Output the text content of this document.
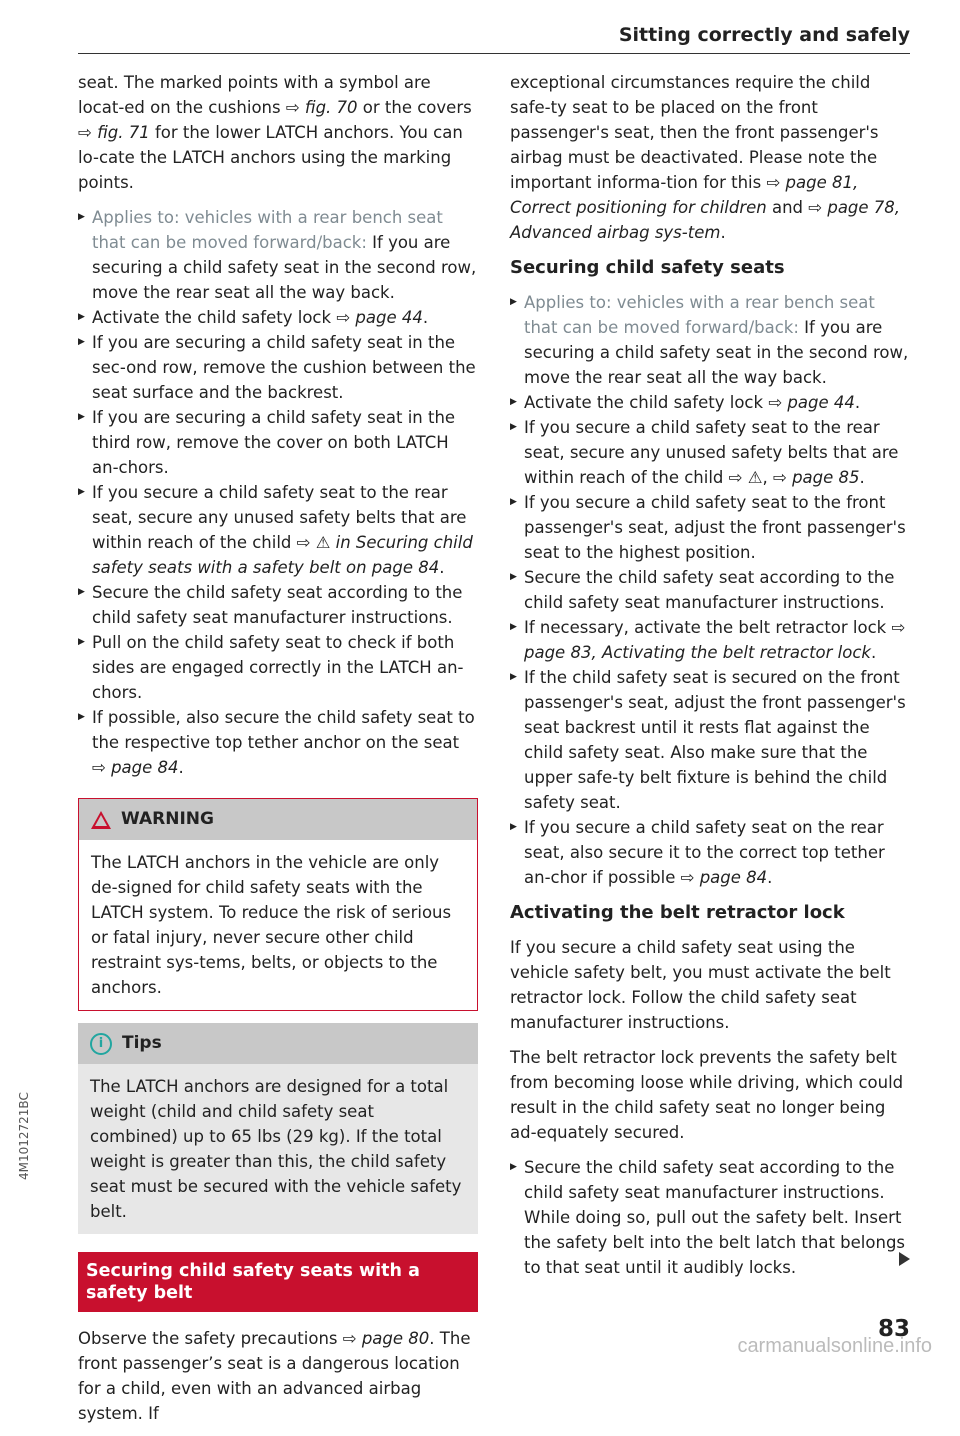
Sitting correctly and safely

seat. The marked points with a symbol are locat-ed on the cushions ⇨ fig. 70 or the covers ⇨ fig. 71 for the lower LATCH anchors. You can lo-cate the LATCH anchors using the marking points.

▶ Applies to: vehicles with a rear bench seat that can be moved forward/back: If you are securing a child safety seat in the second row, move the rear seat all the way back.
▶ Activate the child safety lock ⇨ page 44.
▶ If you are securing a child safety seat in the sec-ond row, remove the cushion between the seat surface and the backrest.
▶ If you are securing a child safety seat in the third row, remove the cover on both LATCH an-chors.
▶ If you secure a child safety seat to the rear seat, secure any unused safety belts that are within reach of the child ⇨ ⚠ in Securing child safety seats with a safety belt on page 84.
▶ Secure the child safety seat according to the child safety seat manufacturer instructions.
▶ Pull on the child safety seat to check if both sides are engaged correctly in the LATCH an-chors.
▶ If possible, also secure the child safety seat to the respective top tether anchor on the seat ⇨ page 84.
WARNING
The LATCH anchors in the vehicle are only de-signed for child safety seats with the LATCH system. To reduce the risk of serious or fatal injury, never secure other child restraint sys-tems, belts, or objects to the anchors.
i	Tips
The LATCH anchors are designed for a total weight (child and child safety seat combined) up to 65 lbs (29 kg). If the total weight is greater than this, the child safety seat must be secured with the vehicle safety belt.
Securing child safety seats with a safety belt

Observe the safety precautions ⇨ page 80. The front passenger’s seat is a dangerous location for a child, even with an advanced airbag system. If

exceptional circumstances require the child safe-ty seat to be placed on the front passenger's seat, then the front passenger's airbag must be deactivated. Please note the important informa-tion for this ⇨ page 81, Correct positioning for children and ⇨ page 78, Advanced airbag sys-tem.

Securing child safety seats
▶ Applies to: vehicles with a rear bench seat that can be moved forward/back: If you are securing a child safety seat in the second row, move the rear seat all the way back.
▶ Activate the child safety lock ⇨ page 44.
▶ If you secure a child safety seat to the rear seat, secure any unused safety belts that are within reach of the child ⇨ ⚠, ⇨ page 85.
▶ If you secure a child safety seat to the front passenger's seat, adjust the front passenger's seat to the highest position.
▶ Secure the child safety seat according to the child safety seat manufacturer instructions.
▶ If necessary, activate the belt retractor lock ⇨ page 83, Activating the belt retractor lock.
▶ If the child safety seat is secured on the front passenger's seat, adjust the front passenger's seat backrest until it rests flat against the child safety seat. Also make sure that the upper safe-ty belt fixture is behind the child safety seat.
▶ If you secure a child safety seat on the rear seat, also secure it to the correct top tether an-chor if possible ⇨ page 84.
Activating the belt retractor lock

If you secure a child safety seat using the vehicle safety belt, you must activate the belt retractor lock. Follow the child safety seat manufacturer instructions.

The belt retractor lock prevents the safety belt from becoming loose while driving, which could result in the child safety seat no longer being ad-equately secured.

▶ Secure the child safety seat according to the child safety seat manufacturer instructions. While doing so, pull out the safety belt. Insert the safety belt into the belt latch that belongs to that seat until it audibly locks.
83
4M1012721BC
carmanualsonline.info
